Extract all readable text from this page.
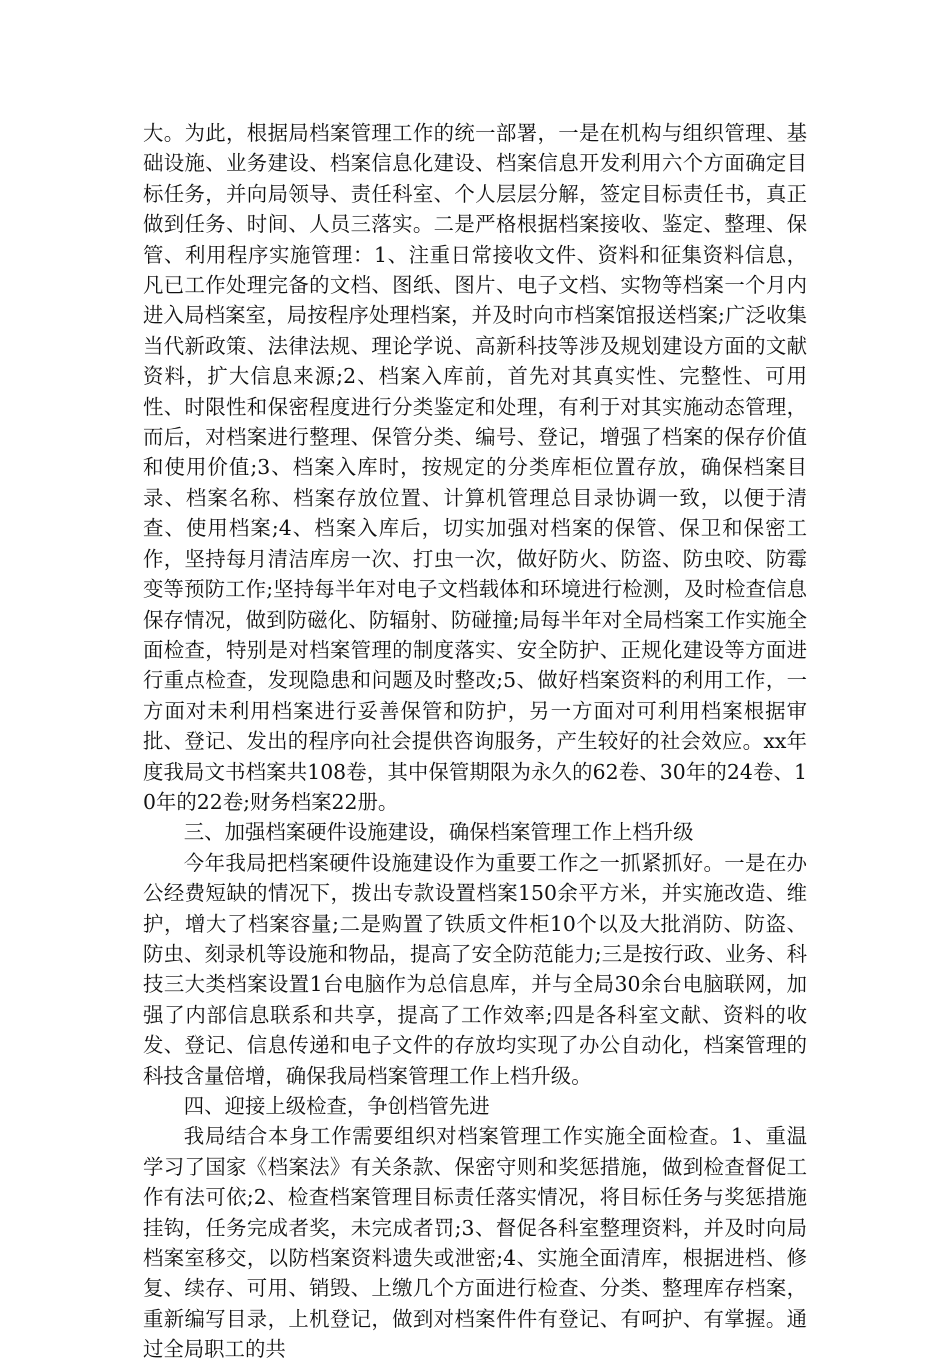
大。为此，根据局档案管理工作的统一部署，一是在机构与组织管理、基础设施、业务建设、档案信息化建设、档案信息开发利用六个方面确定目标任务，并向局领导、责任科室、个人层层分解，签定目标责任书，真正做到任务、时间、人员三落实。二是严格根据档案接收、鉴定、整理、保管、利用程序实施管理：1、注重日常接收文件、资料和征集资料信息，凡已工作处理完备的文档、图纸、图片、电子文档、实物等档案一个月内进入局档案室，局按程序处理档案，并及时向市档案馆报送档案;广泛收集当代新政策、法律法规、理论学说、高新科技等涉及规划建设方面的文献资料，扩大信息来源;2、档案入库前，首先对其真实性、完整性、可用性、时限性和保密程度进行分类鉴定和处理，有利于对其实施动态管理，而后，对档案进行整理、保管分类、编号、登记，增强了档案的保存价值和使用价值;3、档案入库时，按规定的分类库柜位置存放，确保档案目录、档案名称、档案存放位置、计算机管理总目录协调一致，以便于清查、使用档案;4、档案入库后，切实加强对档案的保管、保卫和保密工作，坚持每月清洁库房一次、打虫一次，做好防火、防盗、防虫咬、防霉变等预防工作;坚持每半年对电子文档载体和环境进行检测，及时检查信息保存情况，做到防磁化、防辐射、防碰撞;局每半年对全局档案工作实施全面检查，特别是对档案管理的制度落实、安全防护、正规化建设等方面进行重点检查，发现隐患和问题及时整改;5、做好档案资料的利用工作，一方面对未利用档案进行妥善保管和防护，另一方面对可利用档案根据审批、登记、发出的程序向社会提供咨询服务，产生较好的社会效应。xx年度我局文书档案共108卷，其中保管期限为永久的62卷、30年的24卷、10年的22卷;财务档案22册。

三、加强档案硬件设施建设，确保档案管理工作上档升级

今年我局把档案硬件设施建设作为重要工作之一抓紧抓好。一是在办公经费短缺的情况下，拨出专款设置档案150余平方米，并实施改造、维护，增大了档案容量;二是购置了铁质文件柜10个以及大批消防、防盗、防虫、刻录机等设施和物品，提高了安全防范能力;三是按行政、业务、科技三大类档案设置1台电脑作为总信息库，并与全局30余台电脑联网，加强了内部信息联系和共享，提高了工作效率;四是各科室文献、资料的收发、登记、信息传递和电子文件的存放均实现了办公自动化，档案管理的科技含量倍增，确保我局档案管理工作上档升级。

四、迎接上级检查，争创档管先进

我局结合本身工作需要组织对档案管理工作实施全面检查。1、重温学习了国家《档案法》有关条款、保密守则和奖惩措施，做到检查督促工作有法可依;2、检查档案管理目标责任落实情况，将目标任务与奖惩措施挂钩，任务完成者奖，未完成者罚;3、督促各科室整理资料，并及时向局档案室移交，以防档案资料遗失或泄密;4、实施全面清库，根据进档、修复、续存、可用、销毁、上缴几个方面进行检查、分类、整理库存档案，重新编写目录，上机登记，做到对档案件件有登记、有呵护、有掌握。通过全局职工的共
